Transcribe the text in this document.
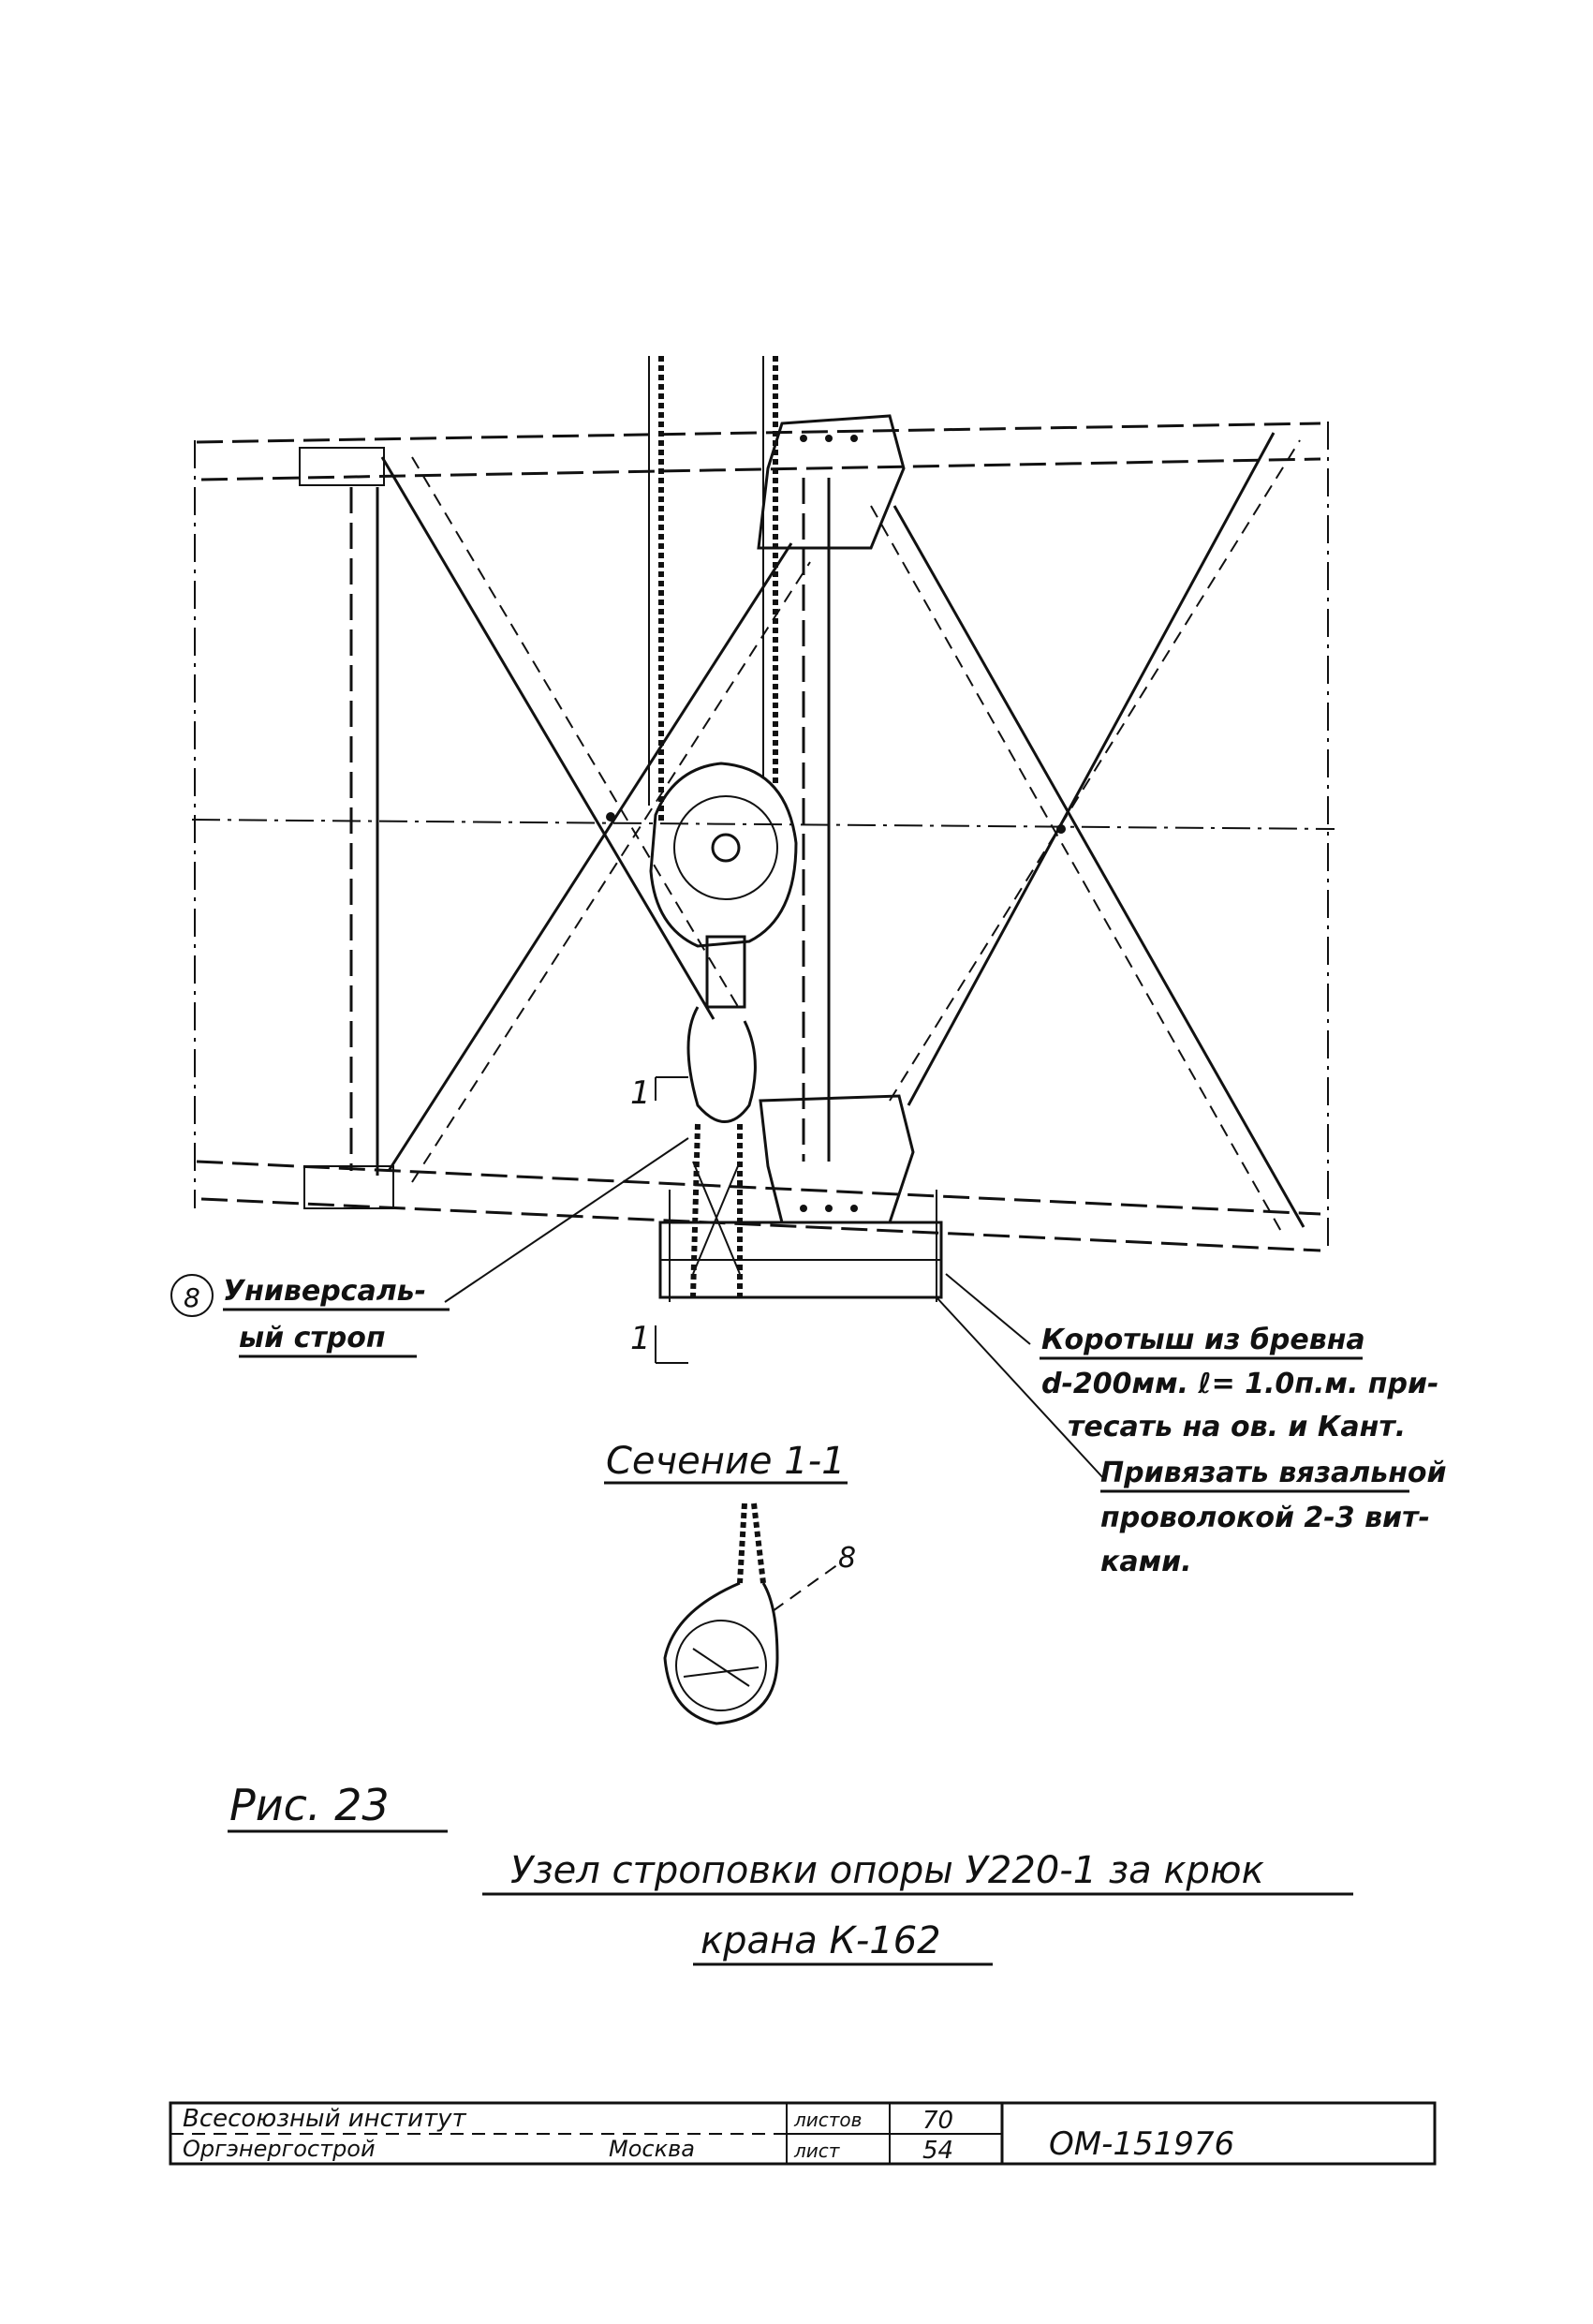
1
1
8 Универсаль-
ый строп	Коротыш из бревна
d-200мм. ℓ= 1.0п.м. при-
тесать на ов. и Кант.
Привязать вязальной
проволокой 2-3 вит-
ками.
Сечение 1-1
8
Рис. 23
Узел строповки опоры У220-1 за крюк
крана К-162
Всесоюзный институт
Оргэнергострой	Москва
листов 70
лист	54	ОМ-151976
